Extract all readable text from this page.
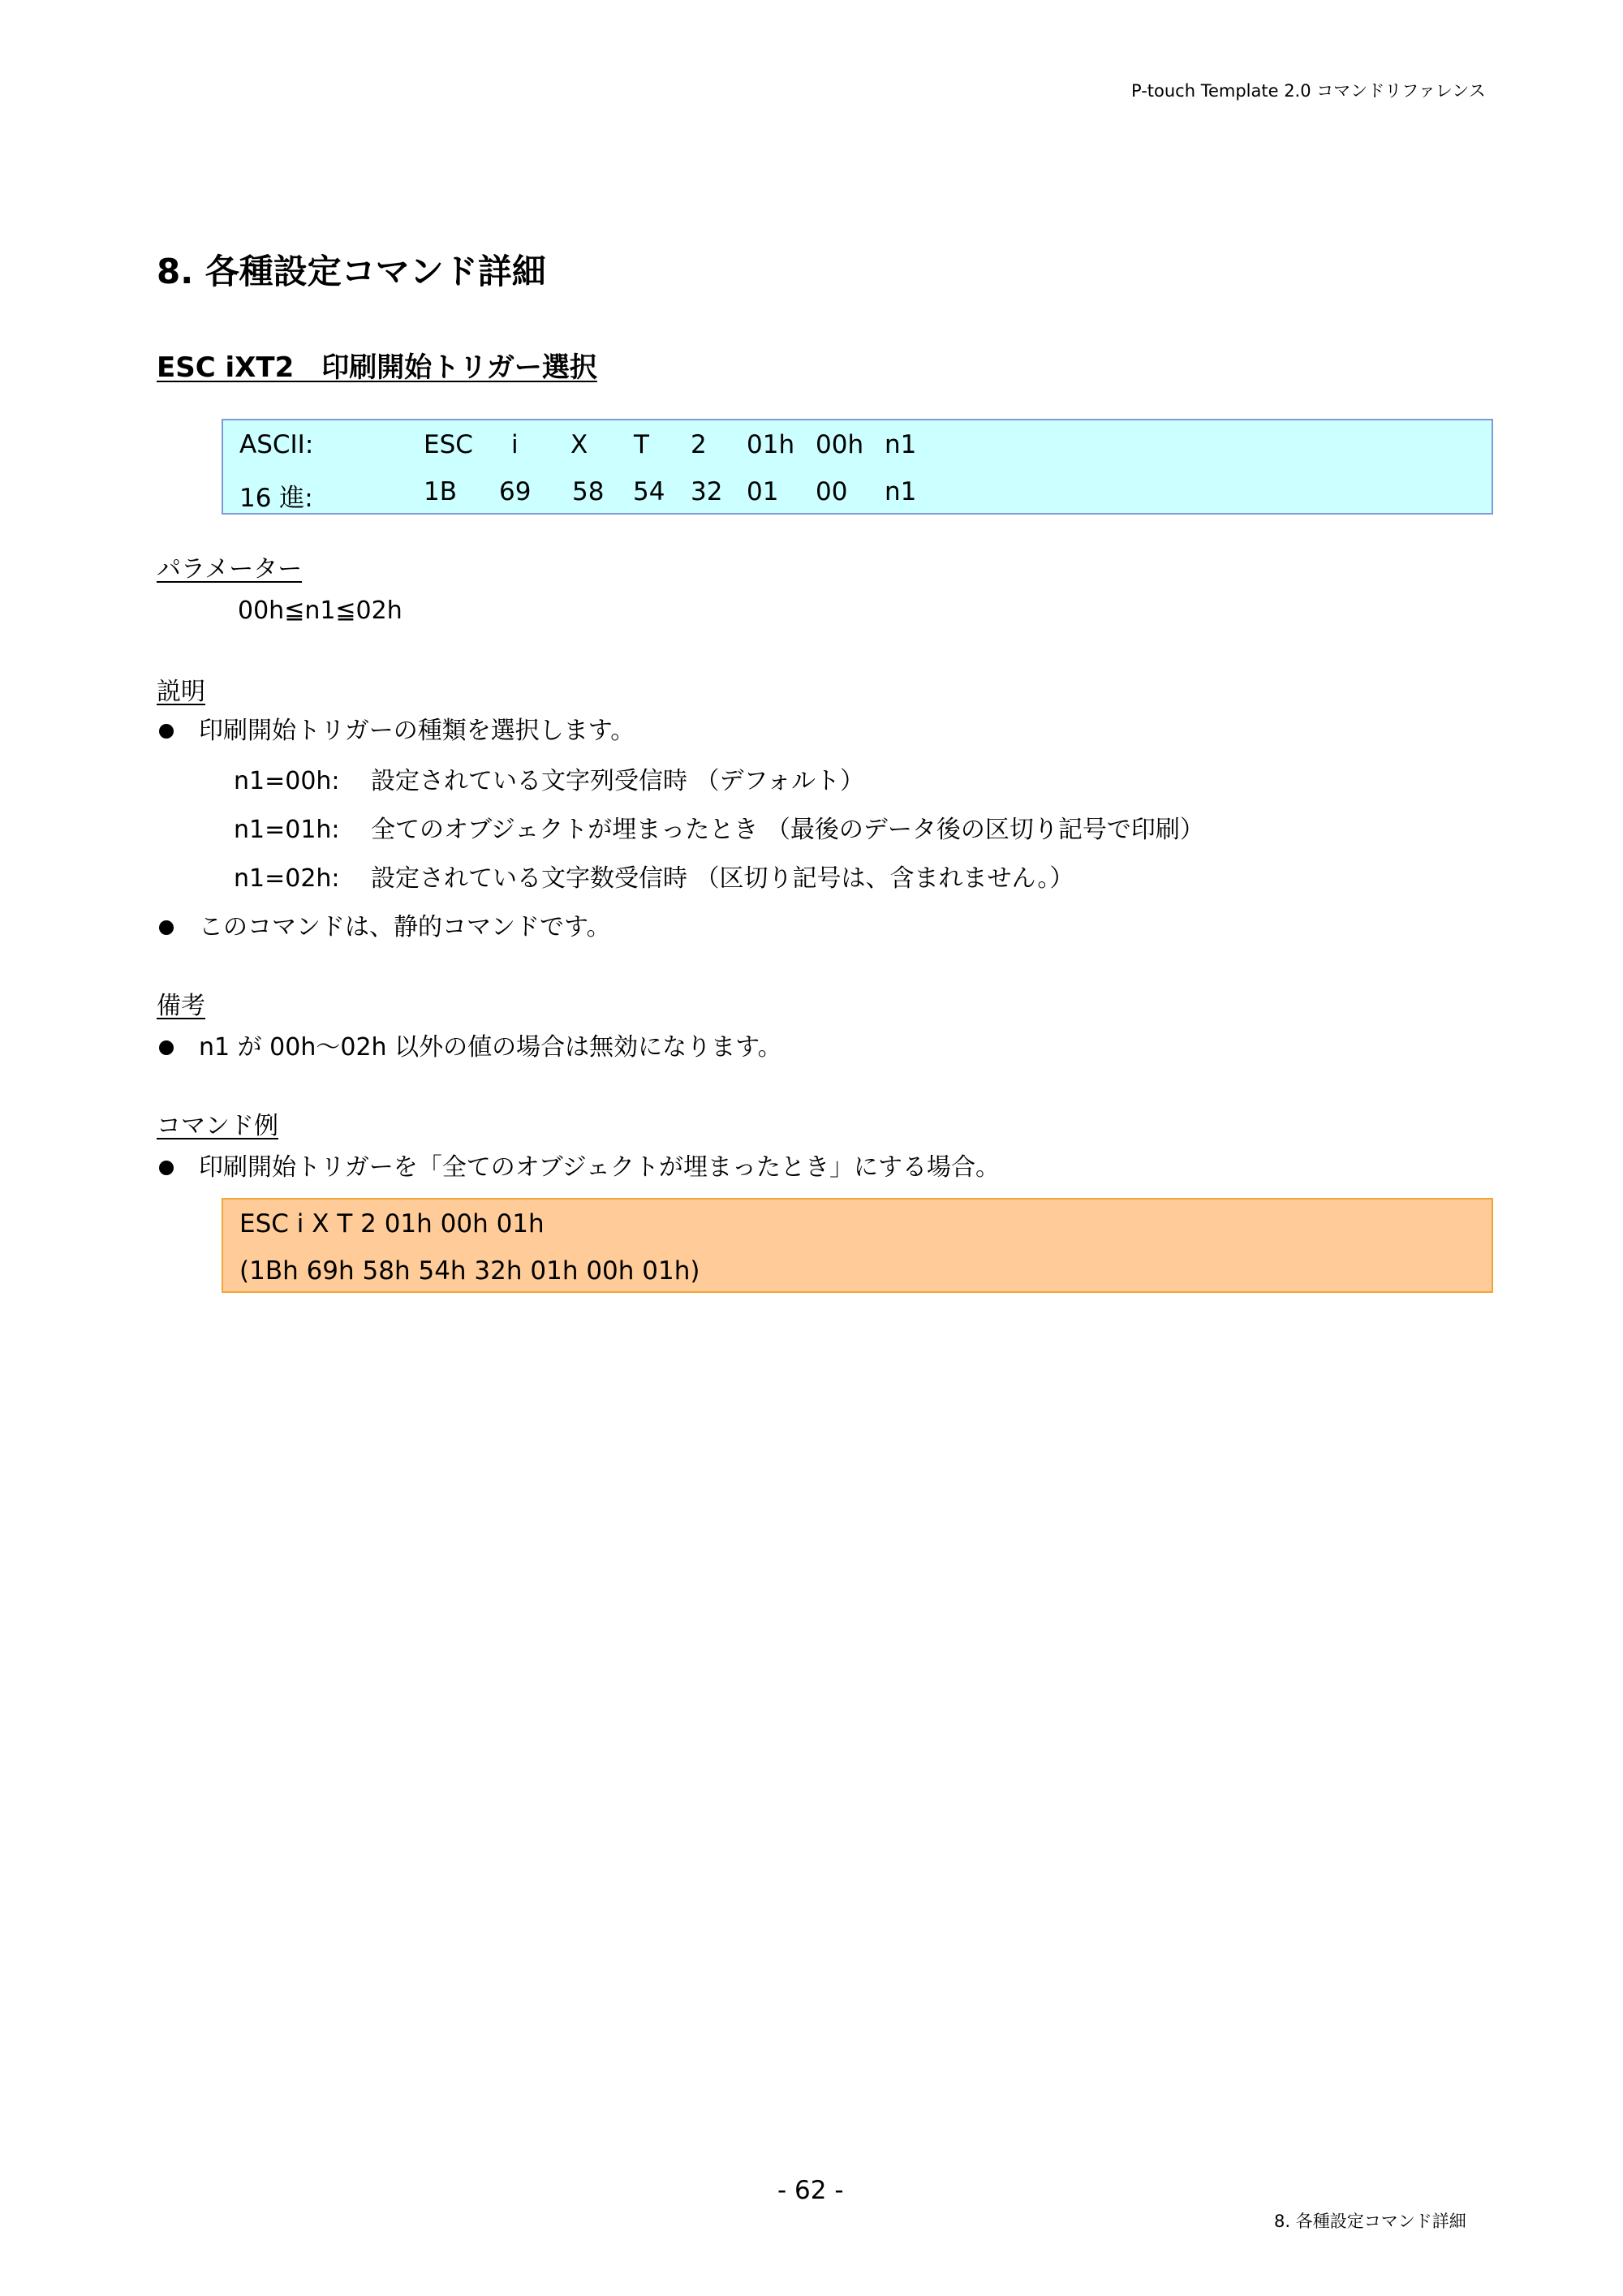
P-touch Template 2.0 コマンドリファレンス
8. 各種設定コマンド詳細
ESC iXT2　印刷開始トリガー選択
ASCII:	ESC i X T 2 01h 00h n1
16 進:	1B 69 58 54 32 01 00 n1
パラメーター
00h≦n1≦02h
説明
印刷開始トリガーの種類を選択します。
n1=00h: 設定されている文字列受信時 （デフォルト）
n1=01h: 全てのオブジェクトが埋まったとき （最後のデータ後の区切り記号で印刷）
n1=02h: 設定されている文字数受信時 （区切り記号は、含まれません。）
このコマンドは、静的コマンドです。
備考
n1 が 00h～02h 以外の値の場合は無効になります。
コマンド例
印刷開始トリガーを「全てのオブジェクトが埋まったとき」にする場合。
ESC i X T 2 01h 00h 01h
(1Bh 69h 58h 54h 32h 01h 00h 01h)
- 62 -
8. 各種設定コマンド詳細
